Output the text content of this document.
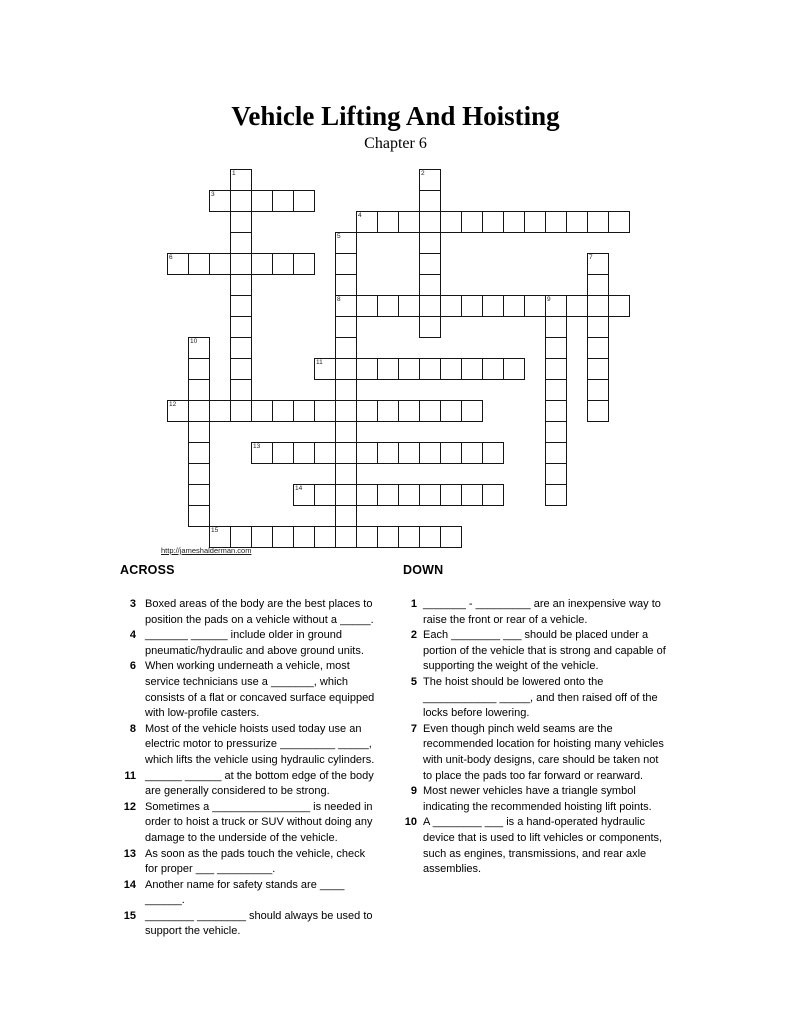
Vehicle Lifting And Hoisting
Chapter 6
1	2
3
4
5
8
6	7
9
10
11
12
13
14
15
http://jameshalderman.com
ACROSS
3 Boxed areas of the body are the best places to position the pads on a vehicle without a _____.
4 _______ ______ include older in ground pneumatic/hydraulic and above ground units.
6 When working underneath a vehicle, most service technicians use a _______, which consists of a flat or concaved surface equipped with low-profile casters.
8 Most of the vehicle hoists used today use an electric motor to pressurize _________ _____, which lifts the vehicle using hydraulic cylinders.
11 ______ ______ at the bottom edge of the body are generally considered to be strong.
12 Sometimes a ________________ is needed in order to hoist a truck or SUV without doing any damage to the underside of the vehicle.
13 As soon as the pads touch the vehicle, check for proper ___ _________.
14 Another name for safety stands are ____ ______.
15 ________ ________ should always be used to support the vehicle.
DOWN
1 _______ - _________ are an inexpensive way to raise the front or rear of a vehicle.
2 Each ________ ___ should be placed under a portion of the vehicle that is strong and capable of supporting the weight of the vehicle.
5 The hoist should be lowered onto the ____________ _____, and then raised off of the locks before lowering.
7 Even though pinch weld seams are the recommended location for hoisting many vehicles with unit-body designs, care should be taken not to place the pads too far forward or rearward.
9 Most newer vehicles have a triangle symbol indicating the recommended hoisting lift points.
10 A ________ ___ is a hand-operated hydraulic device that is used to lift vehicles or components, such as engines, transmissions, and rear axle assemblies.
